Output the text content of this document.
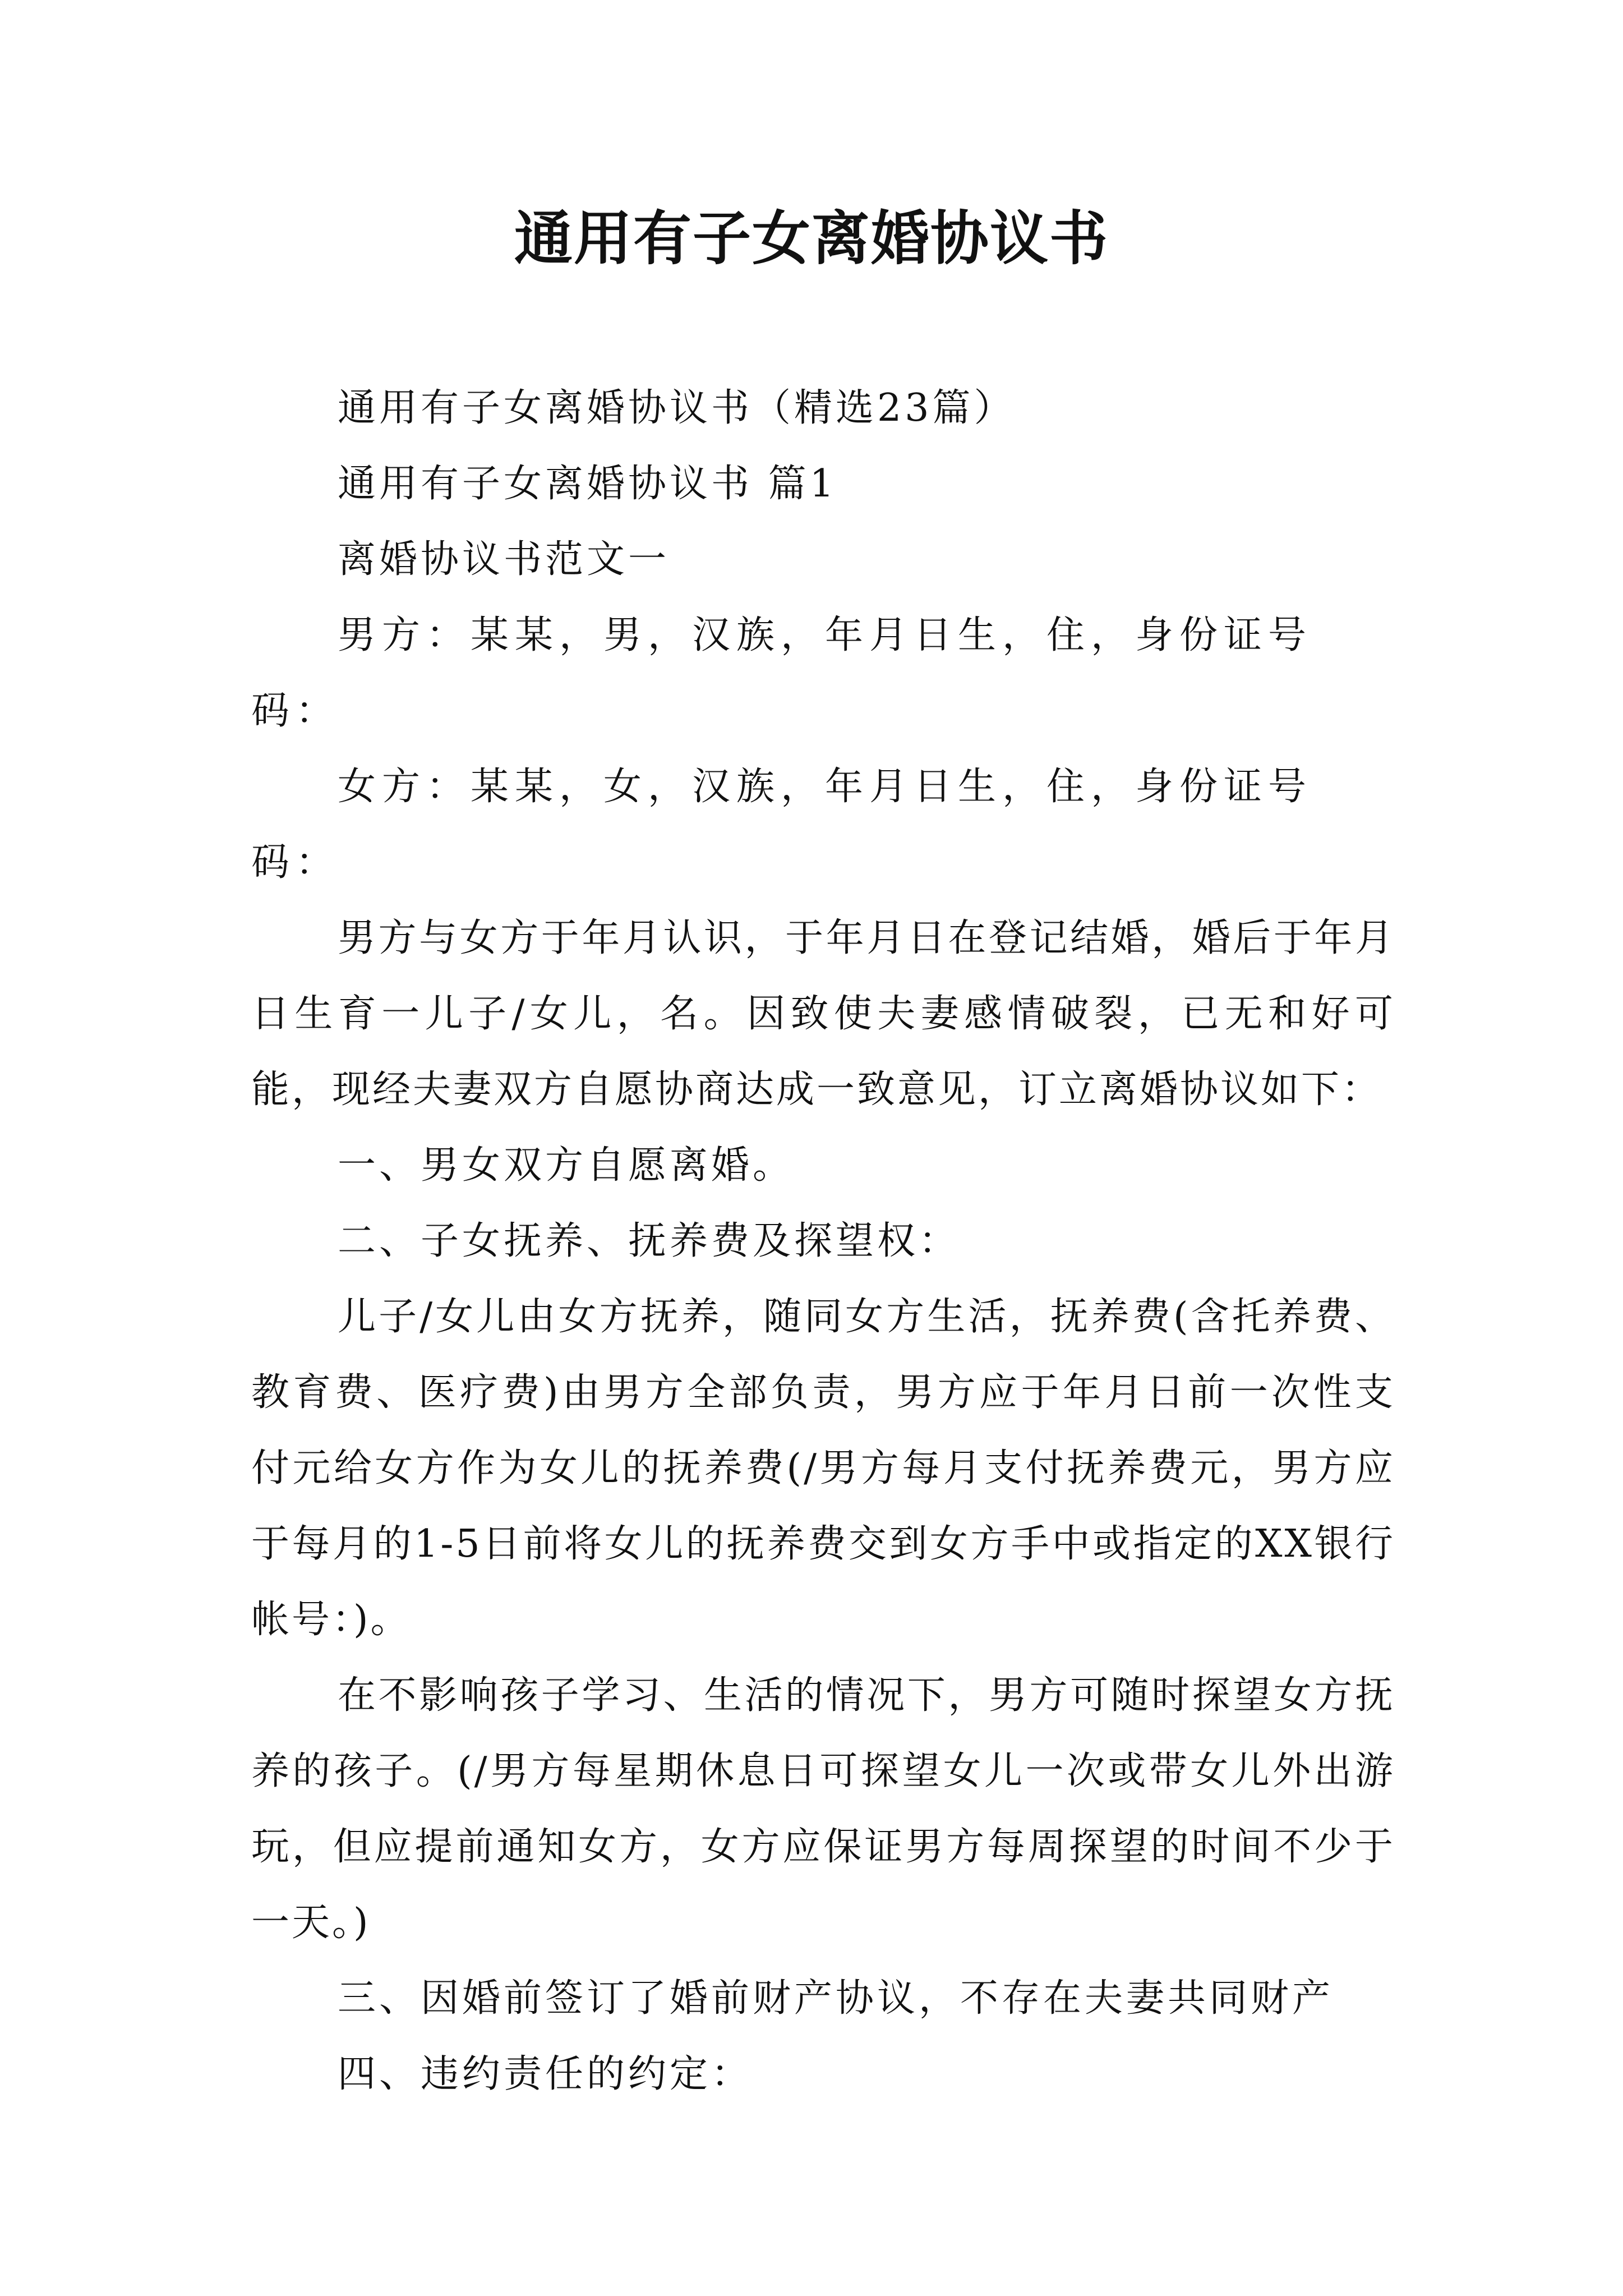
通用有子女离婚协议书

通用有子女离婚协议书（精选23篇）

通用有子女离婚协议书 篇1

离婚协议书范文一

男方：某某，男，汉族，年月日生，住，身份证号码：

女方：某某，女，汉族，年月日生，住，身份证号码：

男方与女方于年月认识，于年月日在登记结婚，婚后于年月日生育一儿子/女儿，名。因致使夫妻感情破裂，已无和好可能，现经夫妻双方自愿协商达成一致意见，订立离婚协议如下：

一、男女双方自愿离婚。

二、子女抚养、抚养费及探望权：

儿子/女儿由女方抚养，随同女方生活，抚养费(含托养费、教育费、医疗费)由男方全部负责，男方应于年月日前一次性支付元给女方作为女儿的抚养费(/男方每月支付抚养费元，男方应于每月的1-5日前将女儿的抚养费交到女方手中或指定的XX银行帐号：)。

在不影响孩子学习、生活的情况下，男方可随时探望女方抚养的孩子。(/男方每星期休息日可探望女儿一次或带女儿外出游玩，但应提前通知女方，女方应保证男方每周探望的时间不少于一天。)

三、因婚前签订了婚前财产协议，不存在夫妻共同财产

四、违约责任的约定：
